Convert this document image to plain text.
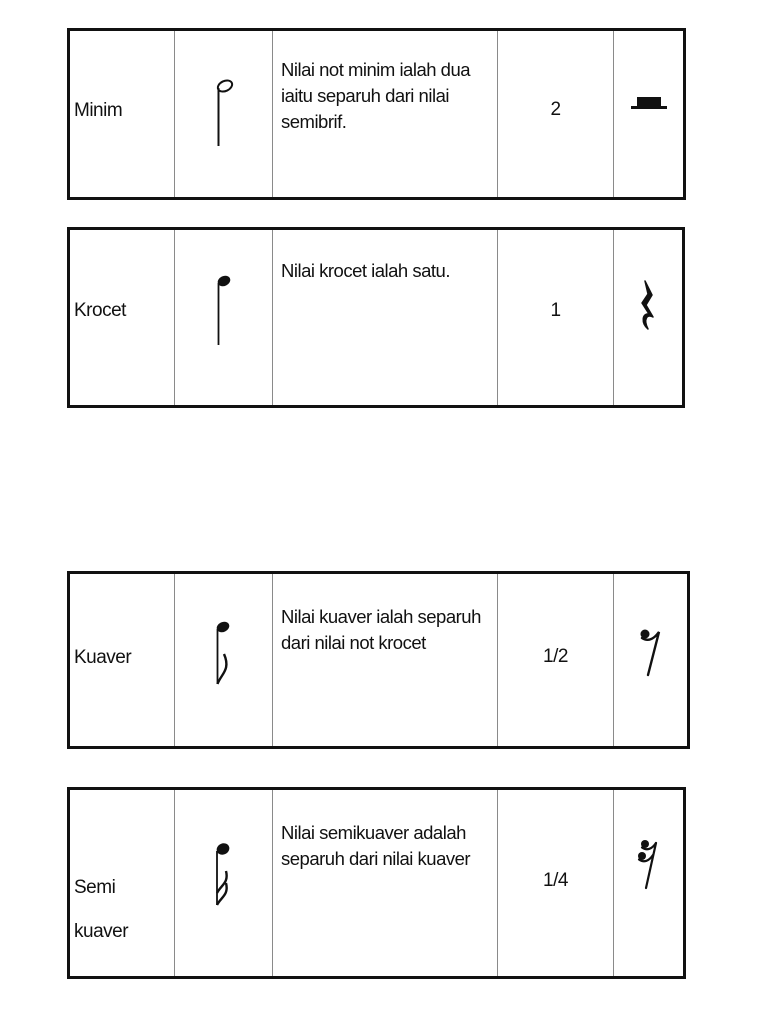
Minim
Nilai not minim ialah dua iaitu separuh dari nilai semibrif.
2
Krocet
Nilai krocet ialah satu.
1
Kuaver
Nilai kuaver ialah separuh dari nilai not krocet
1/2
Semi
kuaver
Nilai semikuaver adalah separuh dari nilai kuaver
1/4
